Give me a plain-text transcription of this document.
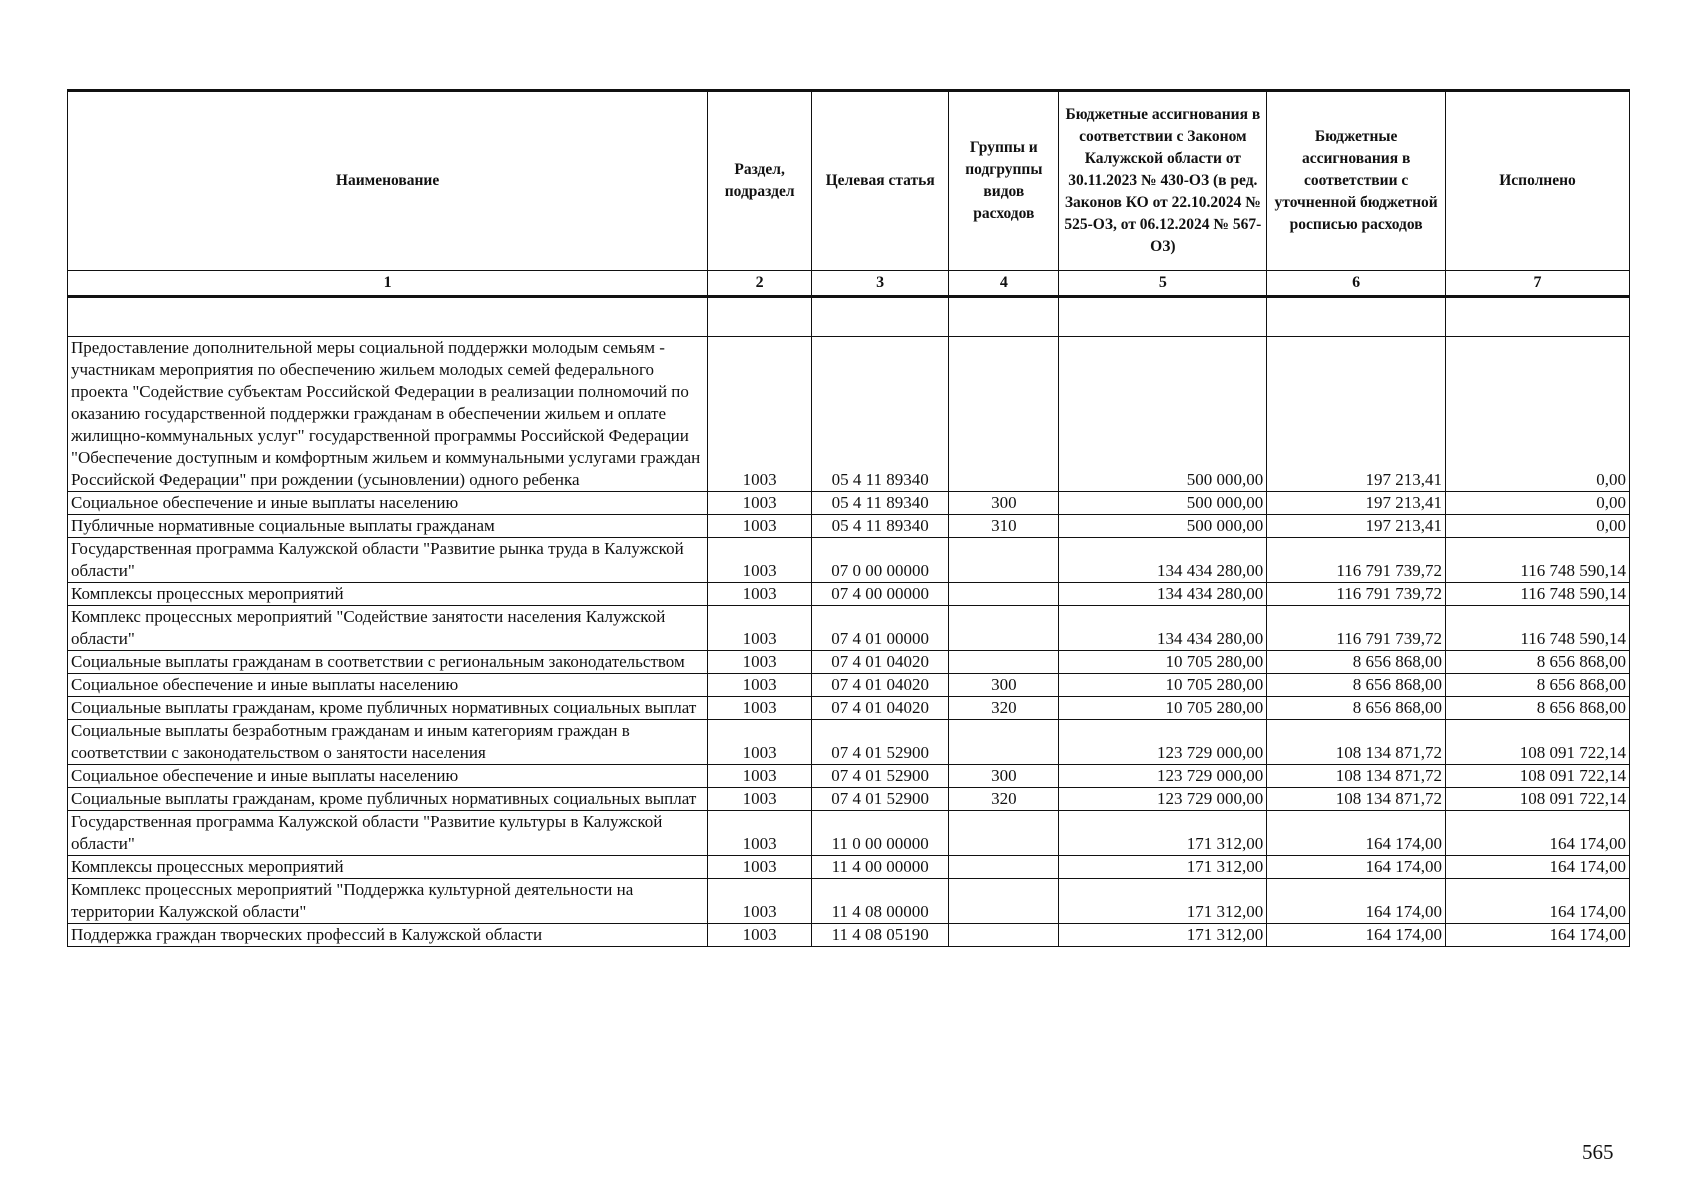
Наименование	Раздел, подраздел	Целевая статья	Группы и подгруппы видов расходов	Бюджетные ассигнования в соответствии с Законом Калужской области от 30.11.2023 № 430-ОЗ (в ред. Законов КО от 22.10.2024 № 525-ОЗ, от 06.12.2024 № 567-ОЗ)	Бюджетные ассигнования в соответствии с уточненной бюджетной росписью расходов	Исполнено
1	2	3	4	5	6	7

Предоставление дополнительной меры социальной поддержки молодым семьям - участникам мероприятия по обеспечению жильем молодых семей федерального проекта "Содействие субъектам Российской Федерации в реализации полномочий по оказанию государственной поддержки гражданам в обеспечении жильем и оплате жилищно-коммунальных услуг" государственной программы Российской Федерации "Обеспечение доступным и комфортным жильем и коммунальными услугами граждан Российской Федерации" при рождении (усыновлении) одного ребенка	1003	05 4 11 89340		500 000,00	197 213,41	0,00
Социальное обеспечение и иные выплаты населению	1003	05 4 11 89340	300	500 000,00	197 213,41	0,00
Публичные нормативные социальные выплаты гражданам	1003	05 4 11 89340	310	500 000,00	197 213,41	0,00
Государственная программа Калужской области "Развитие рынка труда в Калужской области"	1003	07 0 00 00000		134 434 280,00	116 791 739,72	116 748 590,14
Комплексы процессных мероприятий	1003	07 4 00 00000		134 434 280,00	116 791 739,72	116 748 590,14
Комплекс процессных мероприятий "Содействие занятости населения Калужской области"	1003	07 4 01 00000		134 434 280,00	116 791 739,72	116 748 590,14
Социальные выплаты гражданам в соответствии с региональным законодательством	1003	07 4 01 04020		10 705 280,00	8 656 868,00	8 656 868,00
Социальное обеспечение и иные выплаты населению	1003	07 4 01 04020	300	10 705 280,00	8 656 868,00	8 656 868,00
Социальные выплаты гражданам, кроме публичных нормативных социальных выплат	1003	07 4 01 04020	320	10 705 280,00	8 656 868,00	8 656 868,00
Социальные выплаты безработным гражданам и иным категориям граждан в соответствии с законодательством о занятости населения	1003	07 4 01 52900		123 729 000,00	108 134 871,72	108 091 722,14
Социальное обеспечение и иные выплаты населению	1003	07 4 01 52900	300	123 729 000,00	108 134 871,72	108 091 722,14
Социальные выплаты гражданам, кроме публичных нормативных социальных выплат	1003	07 4 01 52900	320	123 729 000,00	108 134 871,72	108 091 722,14
Государственная программа Калужской области "Развитие культуры в Калужской области"	1003	11 0 00 00000		171 312,00	164 174,00	164 174,00
Комплексы процессных мероприятий	1003	11 4 00 00000		171 312,00	164 174,00	164 174,00
Комплекс процессных мероприятий "Поддержка культурной деятельности на территории Калужской области"	1003	11 4 08 00000		171 312,00	164 174,00	164 174,00
Поддержка граждан творческих профессий в Калужской области	1003	11 4 08 05190		171 312,00	164 174,00	164 174,00
565
